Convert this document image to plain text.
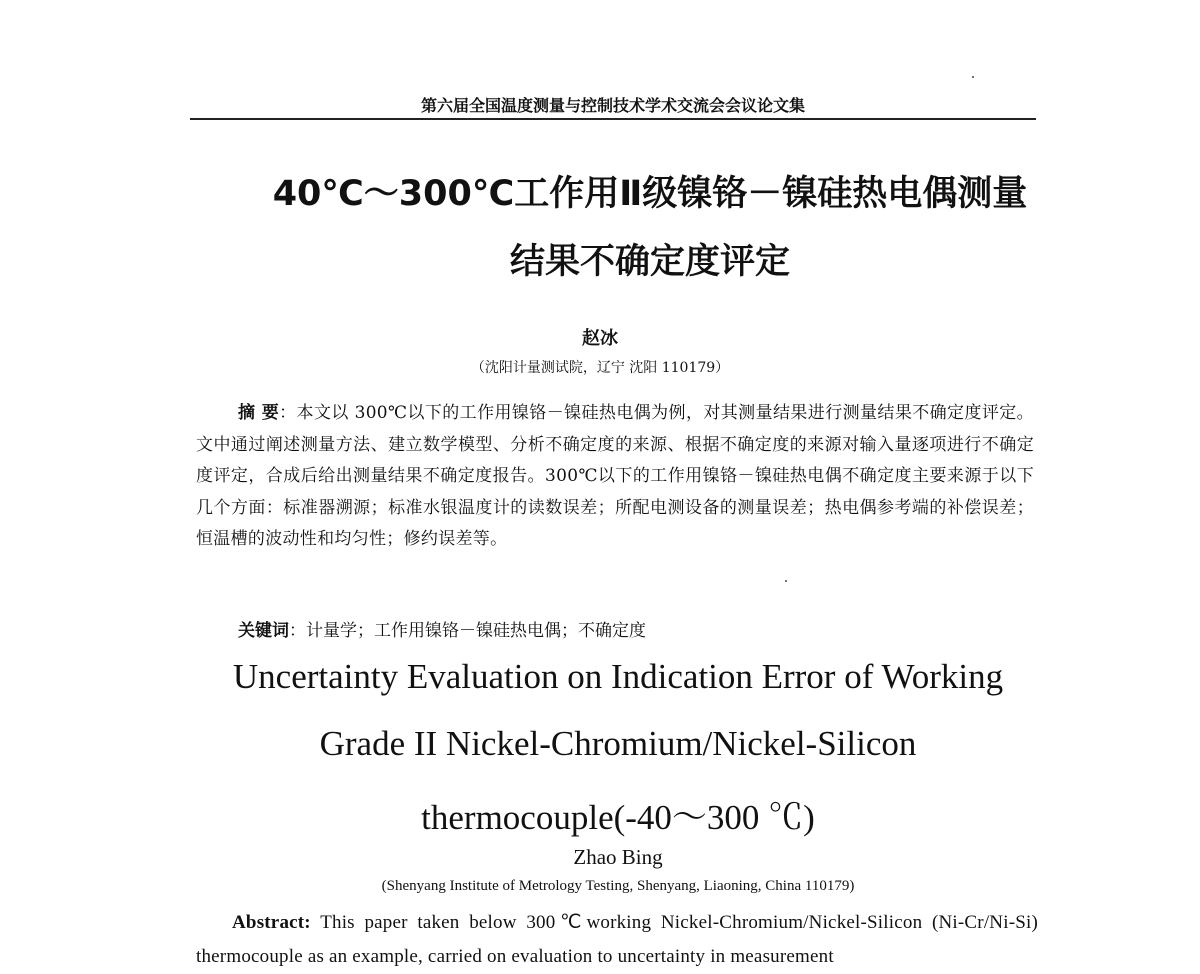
第六届全国温度测量与控制技术学术交流会会议论文集
40℃～300℃工作用Ⅱ级镍铬－镍硅热电偶测量
结果不确定度评定
赵冰
（沈阳计量测试院，辽宁 沈阳 110179）
摘 要：本文以 300℃以下的工作用镍铬－镍硅热电偶为例，对其测量结果进行测量结果不确定度评定。文中通过阐述测量方法、建立数学模型、分析不确定度的来源、根据不确定度的来源对输入量逐项进行不确定度评定，合成后给出测量结果不确定度报告。300℃以下的工作用镍铬－镍硅热电偶不确定度主要来源于以下几个方面：标准器溯源；标准水银温度计的读数误差；所配电测设备的测量误差；热电偶参考端的补偿误差；恒温槽的波动性和均匀性；修约误差等。
关键词：计量学；工作用镍铬－镍硅热电偶；不确定度
Uncertainty Evaluation on Indication Error of Working
Grade II Nickel-Chromium/Nickel-Silicon
thermocouple(-40～300 ℃)
Zhao Bing
(Shenyang Institute of Metrology Testing, Shenyang, Liaoning, China 110179)
Abstract: This paper taken below 300℃working Nickel-Chromium/Nickel-Silicon (Ni-Cr/Ni-Si) thermocouple as an example, carried on evaluation to uncertainty in measurement
